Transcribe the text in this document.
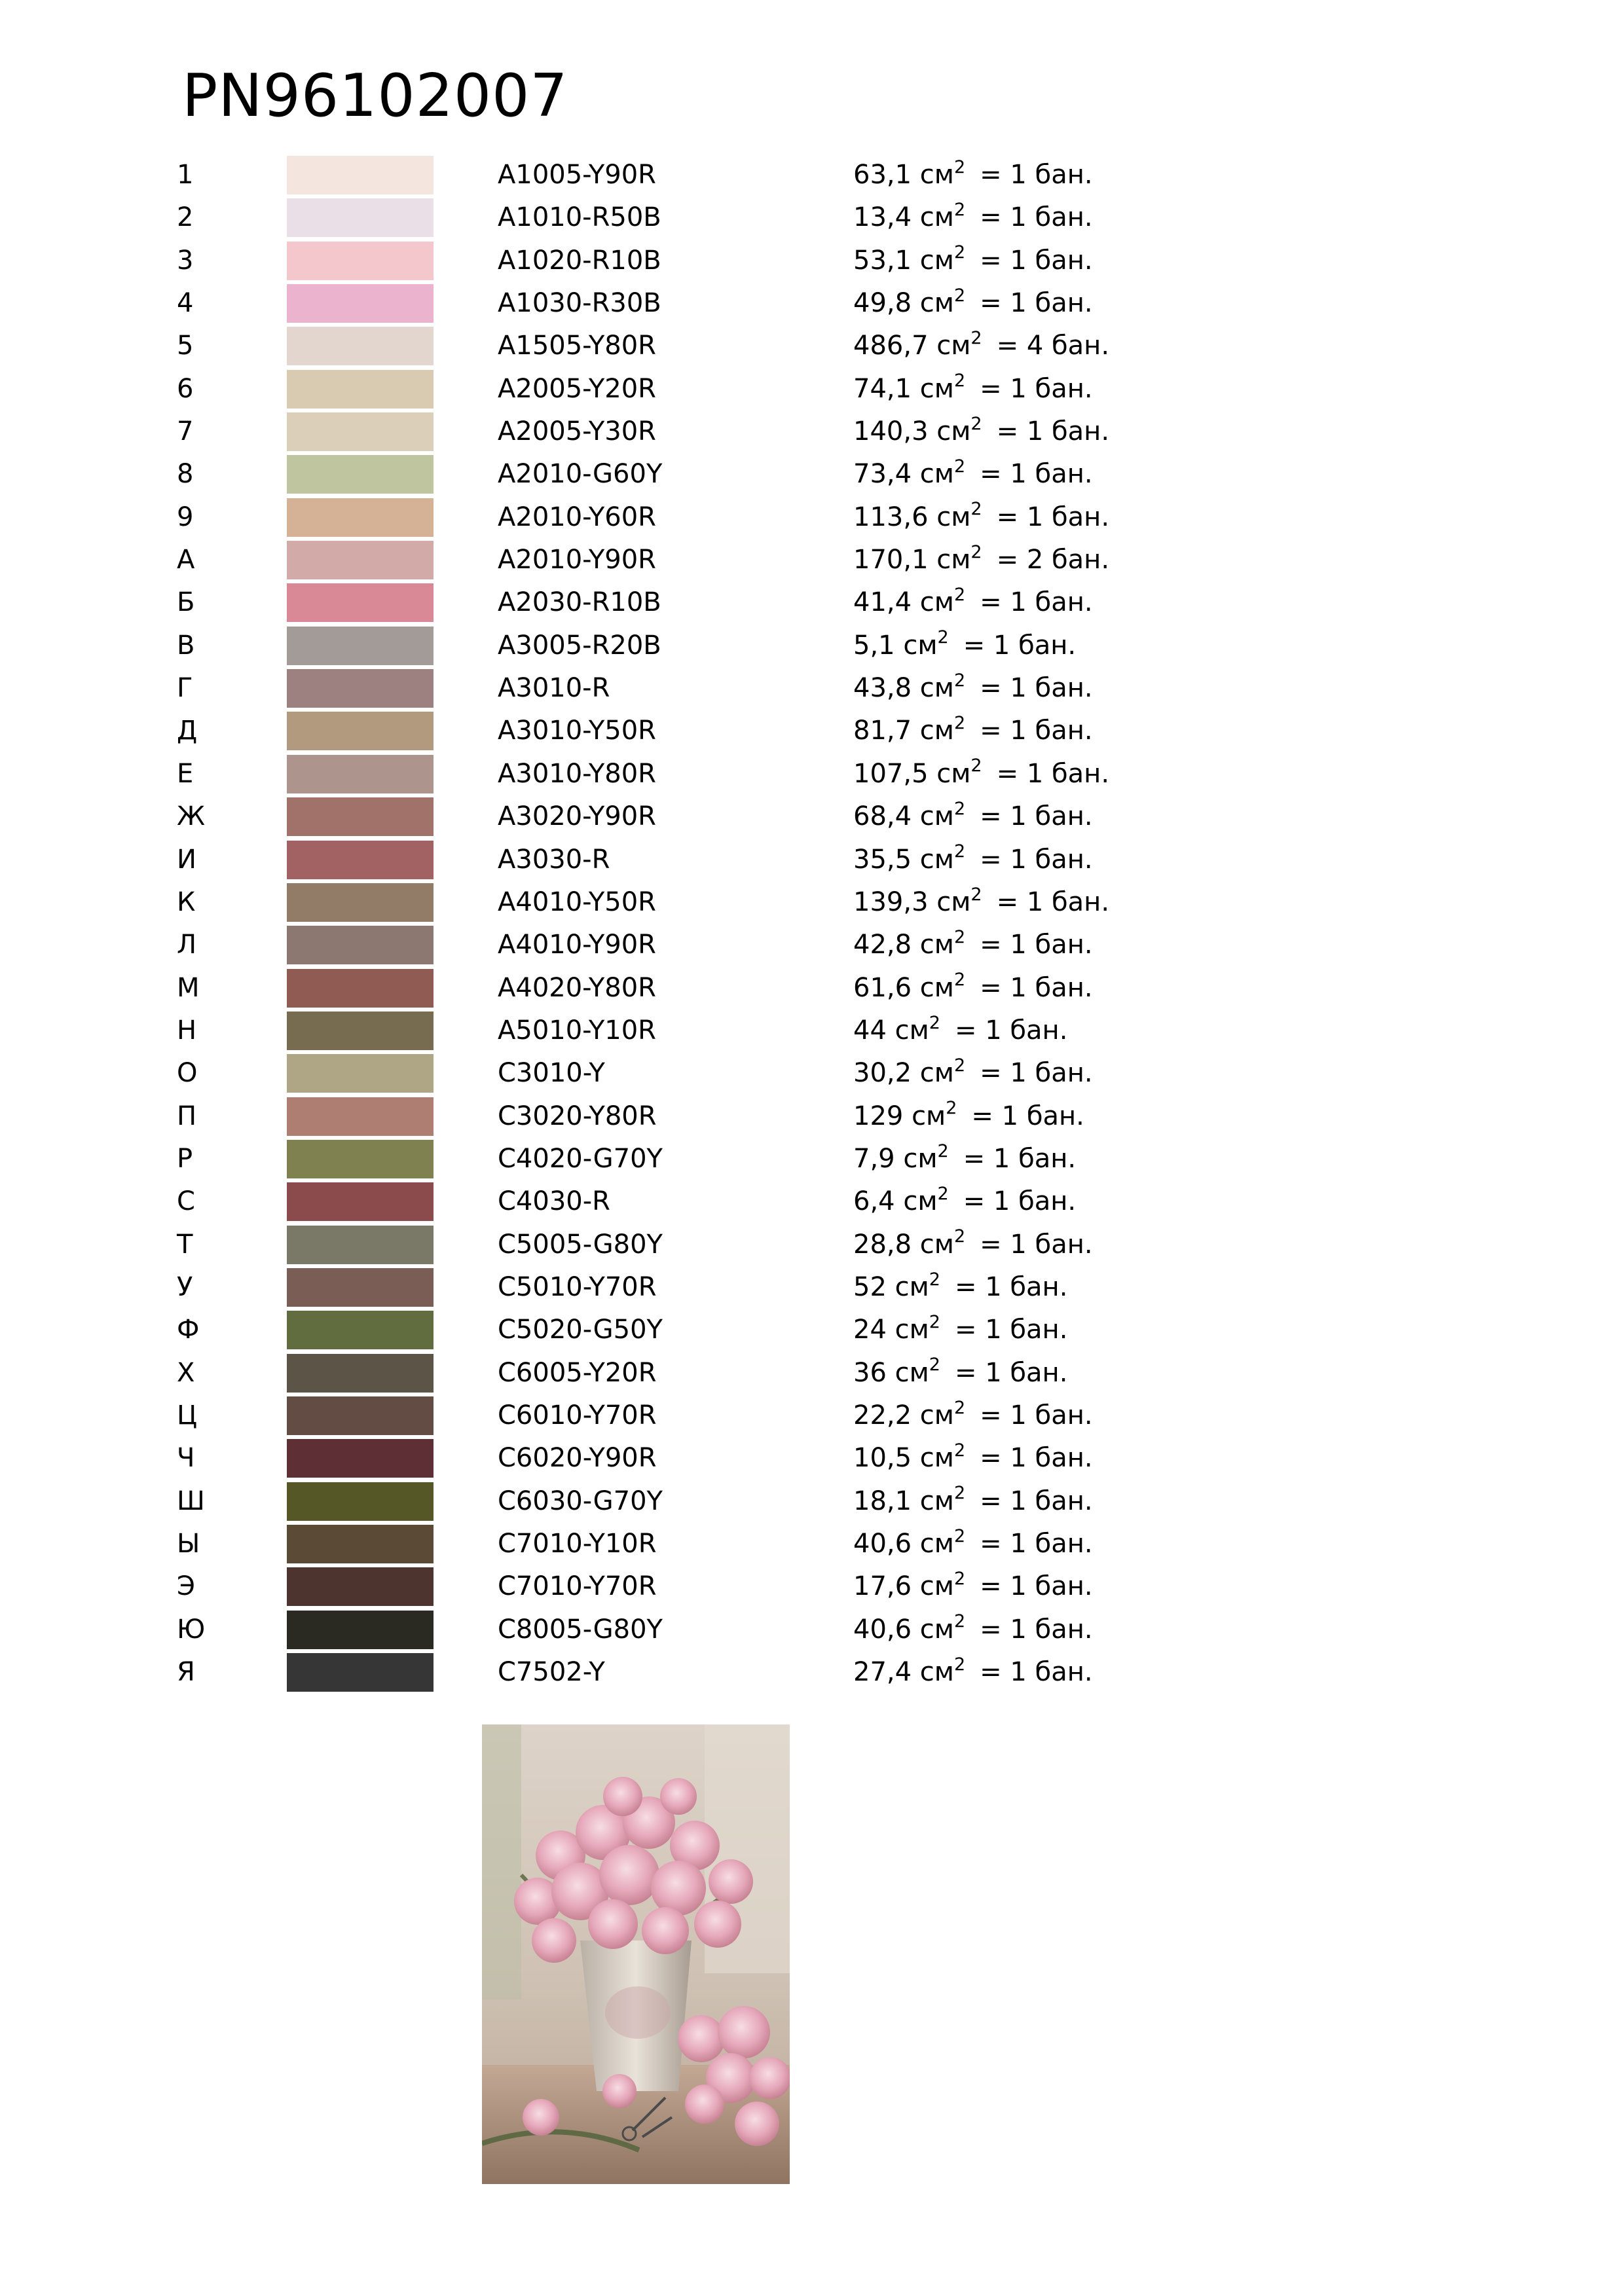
PN96102007
1	A1005-Y90R	63,1 $см^2 = 1$ бан.
2	A1010-R50B	13,4 $см^2 = 1$ бан.
3	A1020-R10B	53,1 $см^2 = 1$ бан.
4	A1030-R30B	49,8 $см^2 = 1$ бан.
5	A1505-Y80R	486,7 $см^2 = 4$ бан.
6	A2005-Y20R	74,1 $см^2 = 1$ бан.
7	A2005-Y30R	140,3 $см^2 = 1$ бан.
8	A2010-G60Y	73,4 $см^2 = 1$ бан.
9	A2010-Y60R	113,6 $см^2 = 1$ бан.
А	A2010-Y90R	170,1 $см^2 = 2$ бан.
Б	A2030-R10B	41,4 $см^2 = 1$ бан.
В	A3005-R20B	5,1 $см^2 = 1$ бан.
Г	A3010-R	43,8 $см^2 = 1$ бан.
Д	A3010-Y50R	81,7 $см^2 = 1$ бан.
Е	A3010-Y80R	107,5 $см^2 = 1$ бан.
Ж	A3020-Y90R	68,4 $см^2 = 1$ бан.
И	A3030-R	35,5 $см^2 = 1$ бан.
К	A4010-Y50R	139,3 $см^2 = 1$ бан.
Л	A4010-Y90R	42,8 $см^2 = 1$ бан.
М	A4020-Y80R	61,6 $см^2 = 1$ бан.
Н	A5010-Y10R	44 $см^2 = 1$ бан.
О	C3010-Y	30,2 $см^2 = 1$ бан.
П	C3020-Y80R	129 $см^2 = 1$ бан.
Р	C4020-G70Y	7,9 $см^2 = 1$ бан.
С	C4030-R	6,4 $см^2 = 1$ бан.
Т	C5005-G80Y	28,8 $см^2 = 1$ бан.
У	C5010-Y70R	52 $см^2 = 1$ бан.
Ф	C5020-G50Y	24 $см^2 = 1$ бан.
Х	C6005-Y20R	36 $см^2 = 1$ бан.
Ц	C6010-Y70R	22,2 $см^2 = 1$ бан.
Ч	C6020-Y90R	10,5 $см^2 = 1$ бан.
Ш	C6030-G70Y	18,1 $см^2 = 1$ бан.
Ы	C7010-Y10R	40,6 $см^2 = 1$ бан.
Э	C7010-Y70R	17,6 $см^2 = 1$ бан.
Ю	C8005-G80Y	40,6 $см^2 = 1$ бан.
Я	C7502-Y	27,4 $см^2 = 1$ бан.
